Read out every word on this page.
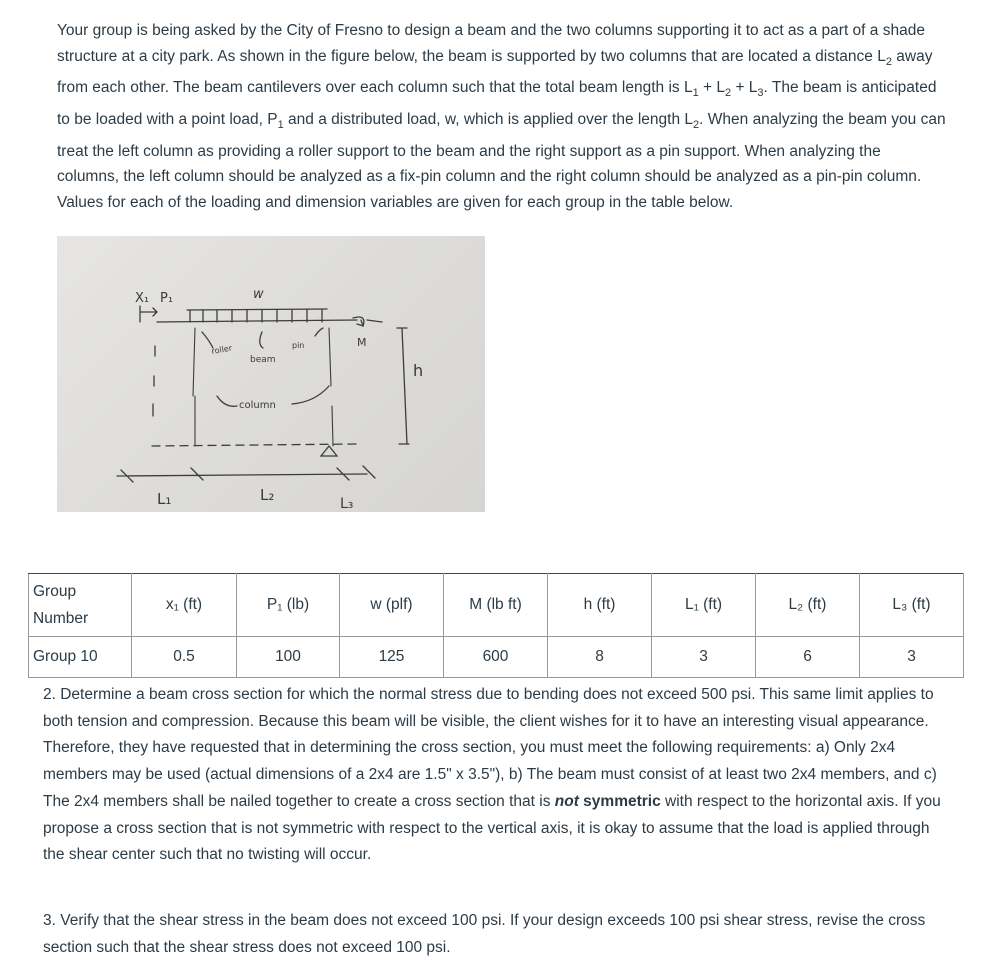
Your group is being asked by the City of Fresno to design a beam and the two columns supporting it to act as a part of a shade structure at a city park. As shown in the figure below, the beam is supported by two columns that are located a distance $L_2$ away from each other. The beam cantilevers over each column such that the total beam length is $L_1 + L_2 + L_3$. The beam is anticipated to be loaded with a point load, $P_1$ and a distributed load, w, which is applied over the length $L_2$. When analyzing the beam you can treat the left column as providing a roller support to the beam and the right support as a pin support. When analyzing the columns, the left column should be analyzed as a fix-pin column and the right column should be analyzed as a pin-pin column. Values for each of the loading and dimension variables are given for each group in the table below.

X₁ P₁	w
roller
beam
pin	M
h
column
L₁	L₂	L₃
Group
Number	x₁ (ft)	P₁ (lb)	w (plf)	M (lb ft)	h (ft)	L₁ (ft)	L₂ (ft)	L₃ (ft)
Group 10	0.5	100	125	600	8	3	6	3

2. Determine a beam cross section for which the normal stress due to bending does not exceed 500 psi. This same limit applies to both tension and compression. Because this beam will be visible, the client wishes for it to have an interesting visual appearance. Therefore, they have requested that in determining the cross section, you must meet the following requirements: a) Only 2x4 members may be used (actual dimensions of a 2x4 are 1.5" x 3.5"), b) The beam must consist of at least two 2x4 members, and c) The 2x4 members shall be nailed together to create a cross section that is not symmetric with respect to the horizontal axis. If you propose a cross section that is not symmetric with respect to the vertical axis, it is okay to assume that the load is applied through the shear center such that no twisting will occur.

3. Verify that the shear stress in the beam does not exceed 100 psi. If your design exceeds 100 psi shear stress, revise the cross section such that the shear stress does not exceed 100 psi.
